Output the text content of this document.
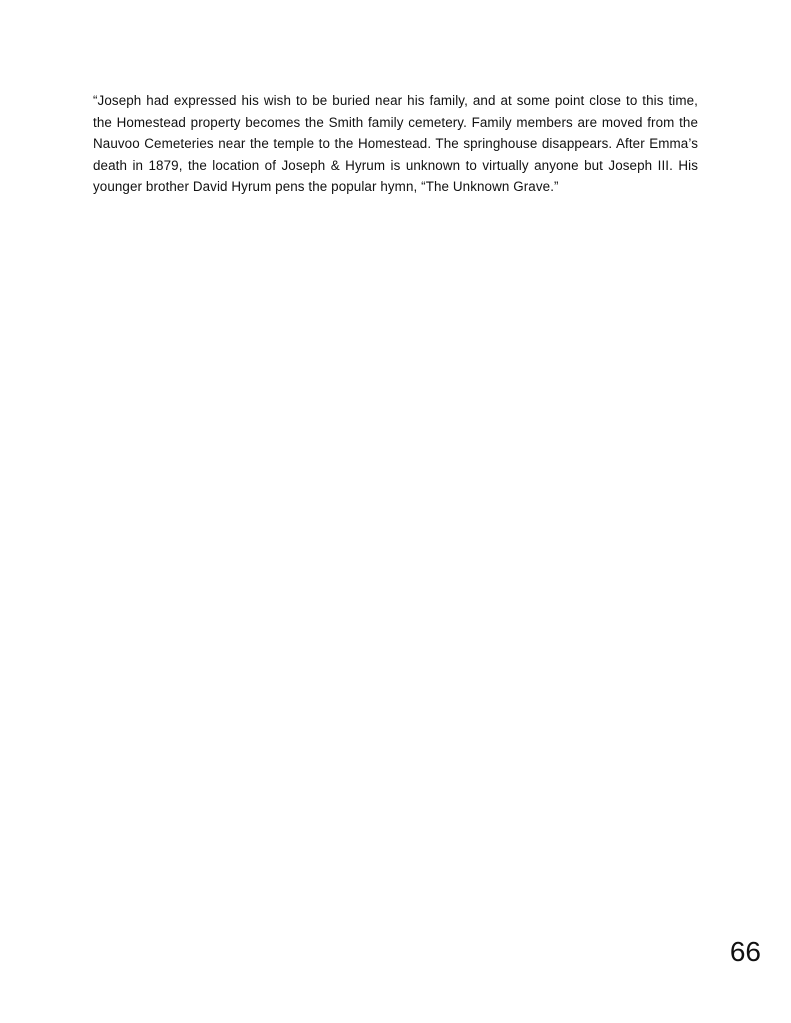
“Joseph had expressed his wish to be buried near his family, and at some point close to this time, the Homestead property becomes the Smith family cemetery. Family members are moved from the Nauvoo Cemeteries near the temple to the Homestead. The springhouse disappears. After Emma’s death in 1879, the location of Joseph & Hyrum is unknown to virtually anyone but Joseph III. His younger brother David Hyrum pens the popular hymn, “The Unknown Grave.”

66
